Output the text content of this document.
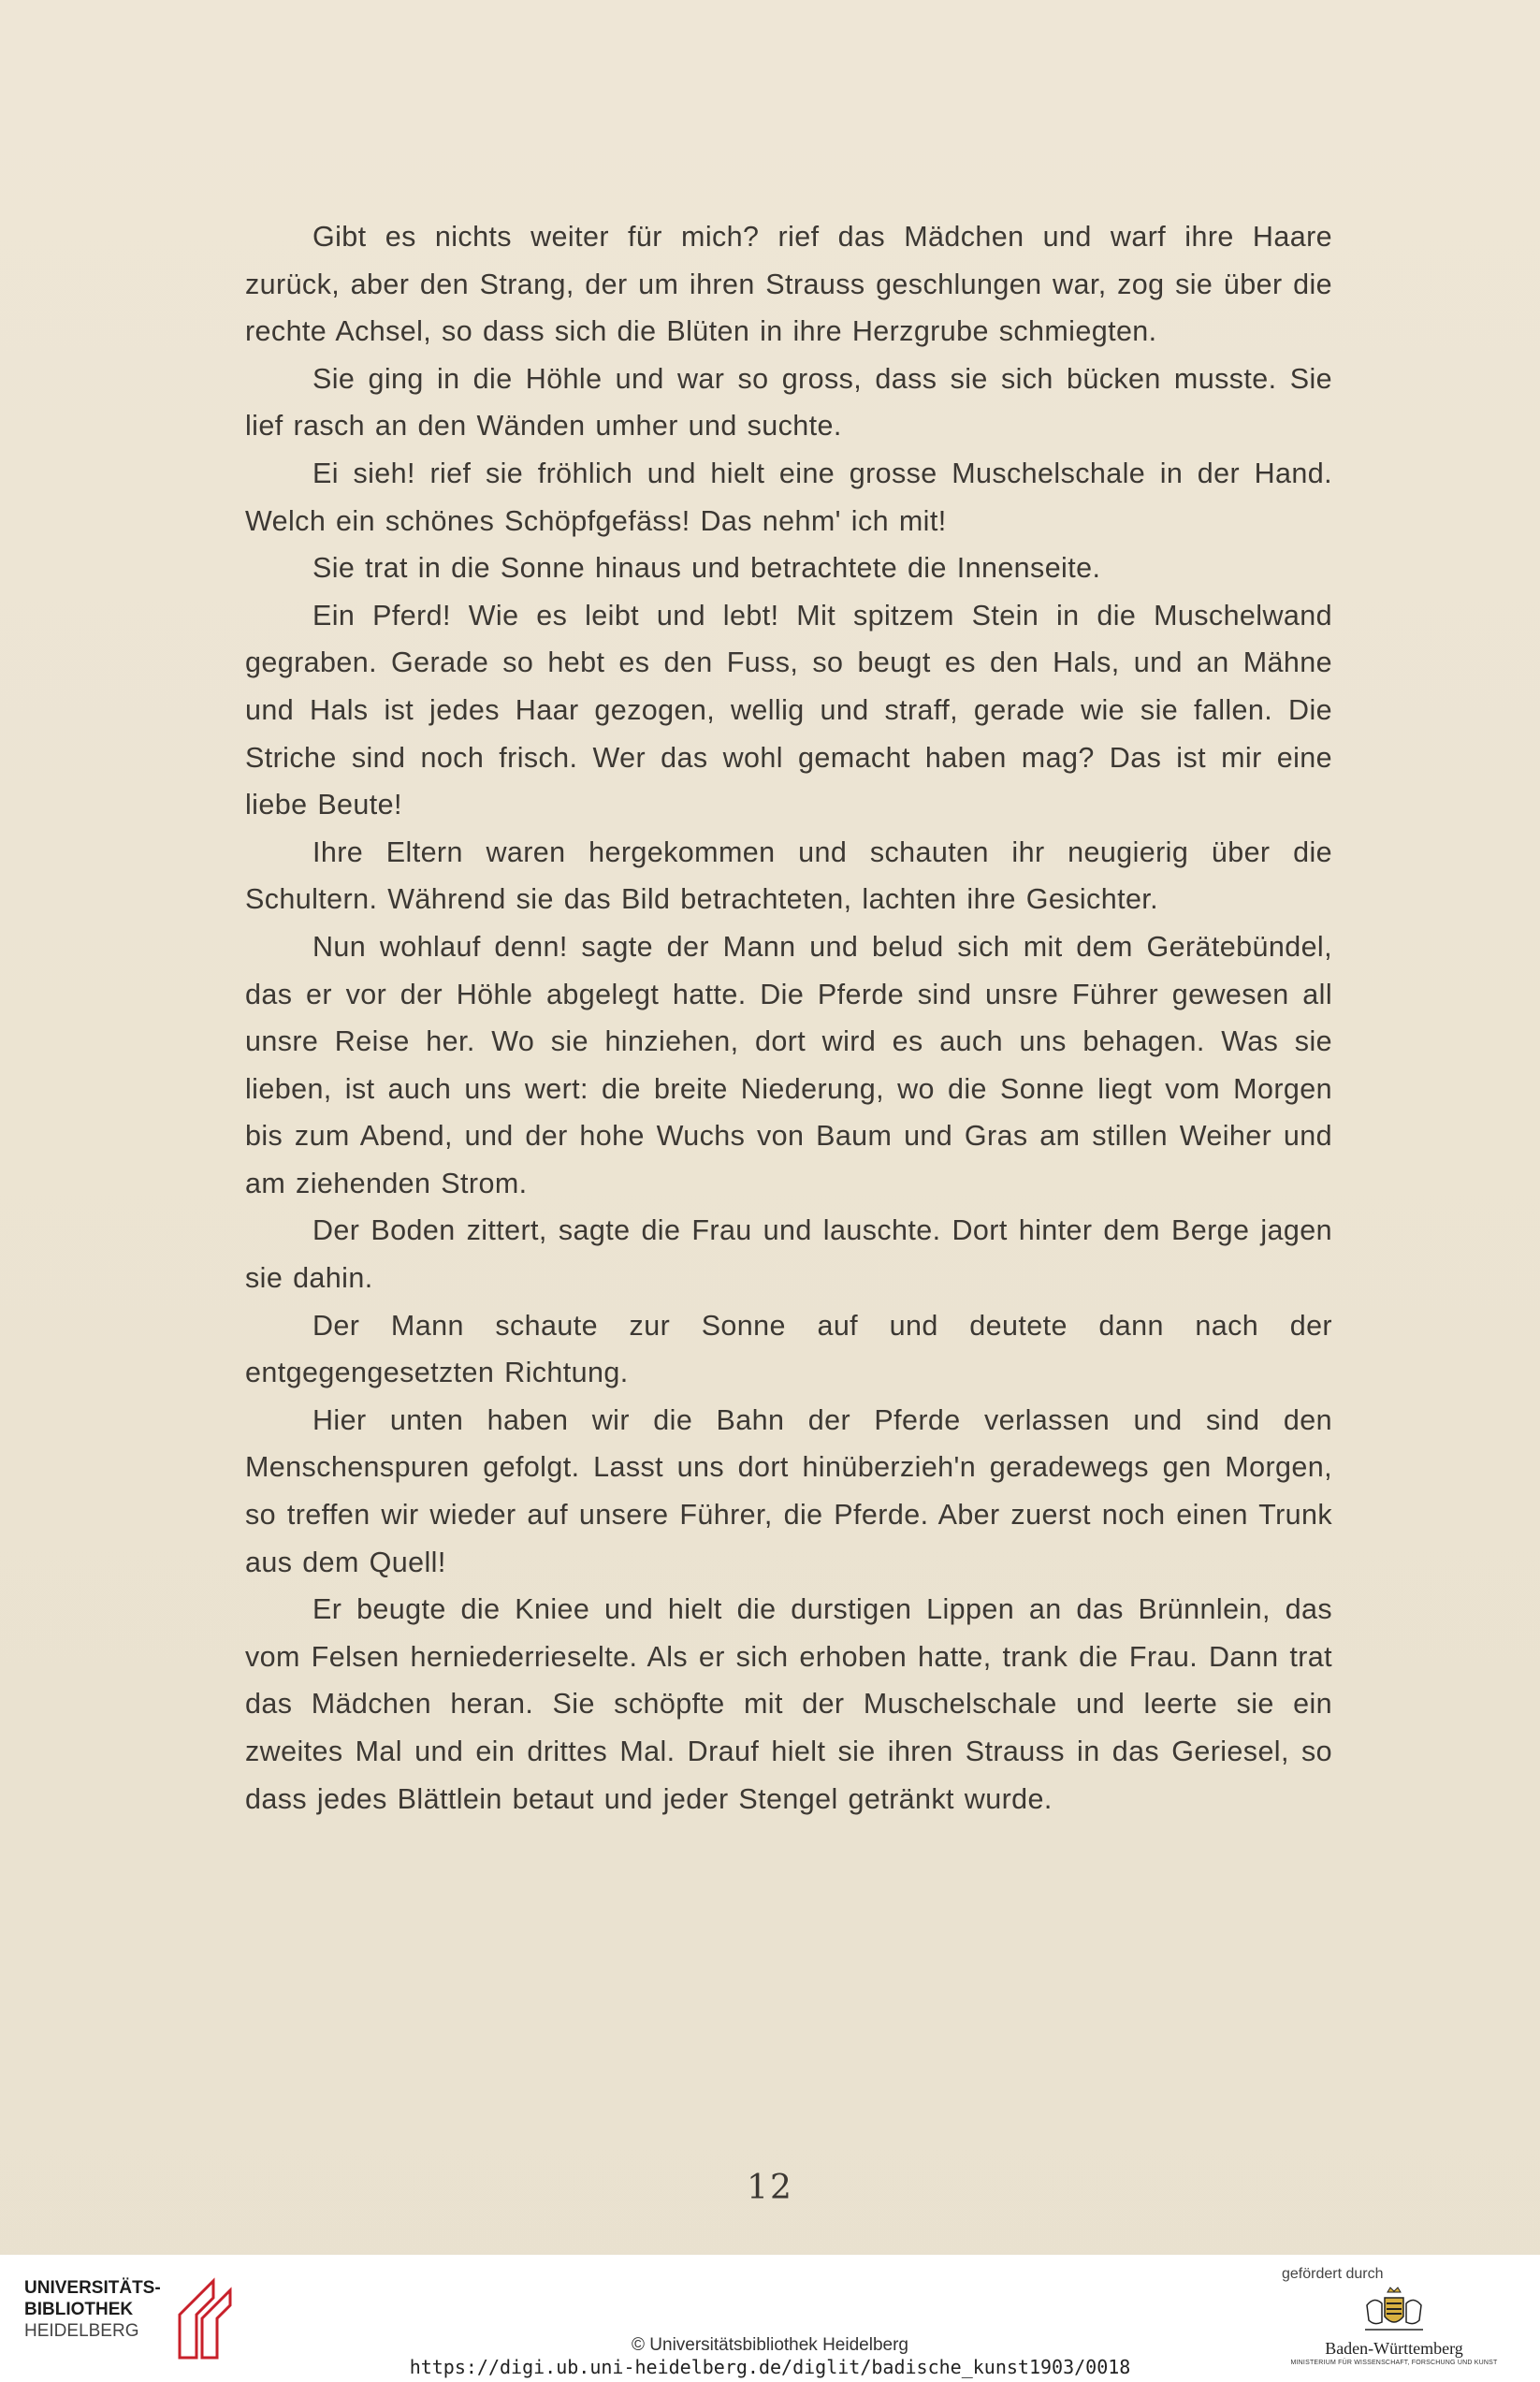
Gibt es nichts weiter für mich? rief das Mädchen und warf ihre Haare zurück, aber den Strang, der um ihren Strauss geschlungen war, zog sie über die rechte Achsel, so dass sich die Blüten in ihre Herzgrube schmiegten.

Sie ging in die Höhle und war so gross, dass sie sich bücken musste. Sie lief rasch an den Wänden umher und suchte.

Ei sieh! rief sie fröhlich und hielt eine grosse Muschelschale in der Hand. Welch ein schönes Schöpfgefäss! Das nehm' ich mit!

Sie trat in die Sonne hinaus und betrachtete die Innenseite.

Ein Pferd! Wie es leibt und lebt! Mit spitzem Stein in die Muschelwand gegraben. Gerade so hebt es den Fuss, so beugt es den Hals, und an Mähne und Hals ist jedes Haar gezogen, wellig und straff, gerade wie sie fallen. Die Striche sind noch frisch. Wer das wohl gemacht haben mag? Das ist mir eine liebe Beute!

Ihre Eltern waren hergekommen und schauten ihr neugierig über die Schultern. Während sie das Bild betrachteten, lachten ihre Gesichter.

Nun wohlauf denn! sagte der Mann und belud sich mit dem Gerätebündel, das er vor der Höhle abgelegt hatte. Die Pferde sind unsre Führer gewesen all unsre Reise her. Wo sie hinziehen, dort wird es auch uns behagen. Was sie lieben, ist auch uns wert: die breite Niederung, wo die Sonne liegt vom Morgen bis zum Abend, und der hohe Wuchs von Baum und Gras am stillen Weiher und am ziehenden Strom.

Der Boden zittert, sagte die Frau und lauschte. Dort hinter dem Berge jagen sie dahin.

Der Mann schaute zur Sonne auf und deutete dann nach der entgegengesetzten Richtung.

Hier unten haben wir die Bahn der Pferde verlassen und sind den Menschenspuren gefolgt. Lasst uns dort hinüberzieh'n geradewegs gen Morgen, so treffen wir wieder auf unsere Führer, die Pferde. Aber zuerst noch einen Trunk aus dem Quell!

Er beugte die Kniee und hielt die durstigen Lippen an das Brünnlein, das vom Felsen herniederrieselte. Als er sich erhoben hatte, trank die Frau. Dann trat das Mädchen heran. Sie schöpfte mit der Muschelschale und leerte sie ein zweites Mal und ein drittes Mal. Drauf hielt sie ihren Strauss in das Geriesel, so dass jedes Blättlein betaut und jeder Stengel getränkt wurde.

12
UNIVERSITÄTS-
BIBLIOTHEK
HEIDELBERG
© Universitätsbibliothek Heidelberg
https://digi.ub.uni-heidelberg.de/diglit/badische_kunst1903/0018
gefördert durch
Baden-Württemberg
MINISTERIUM FÜR WISSENSCHAFT, FORSCHUNG UND KUNST
